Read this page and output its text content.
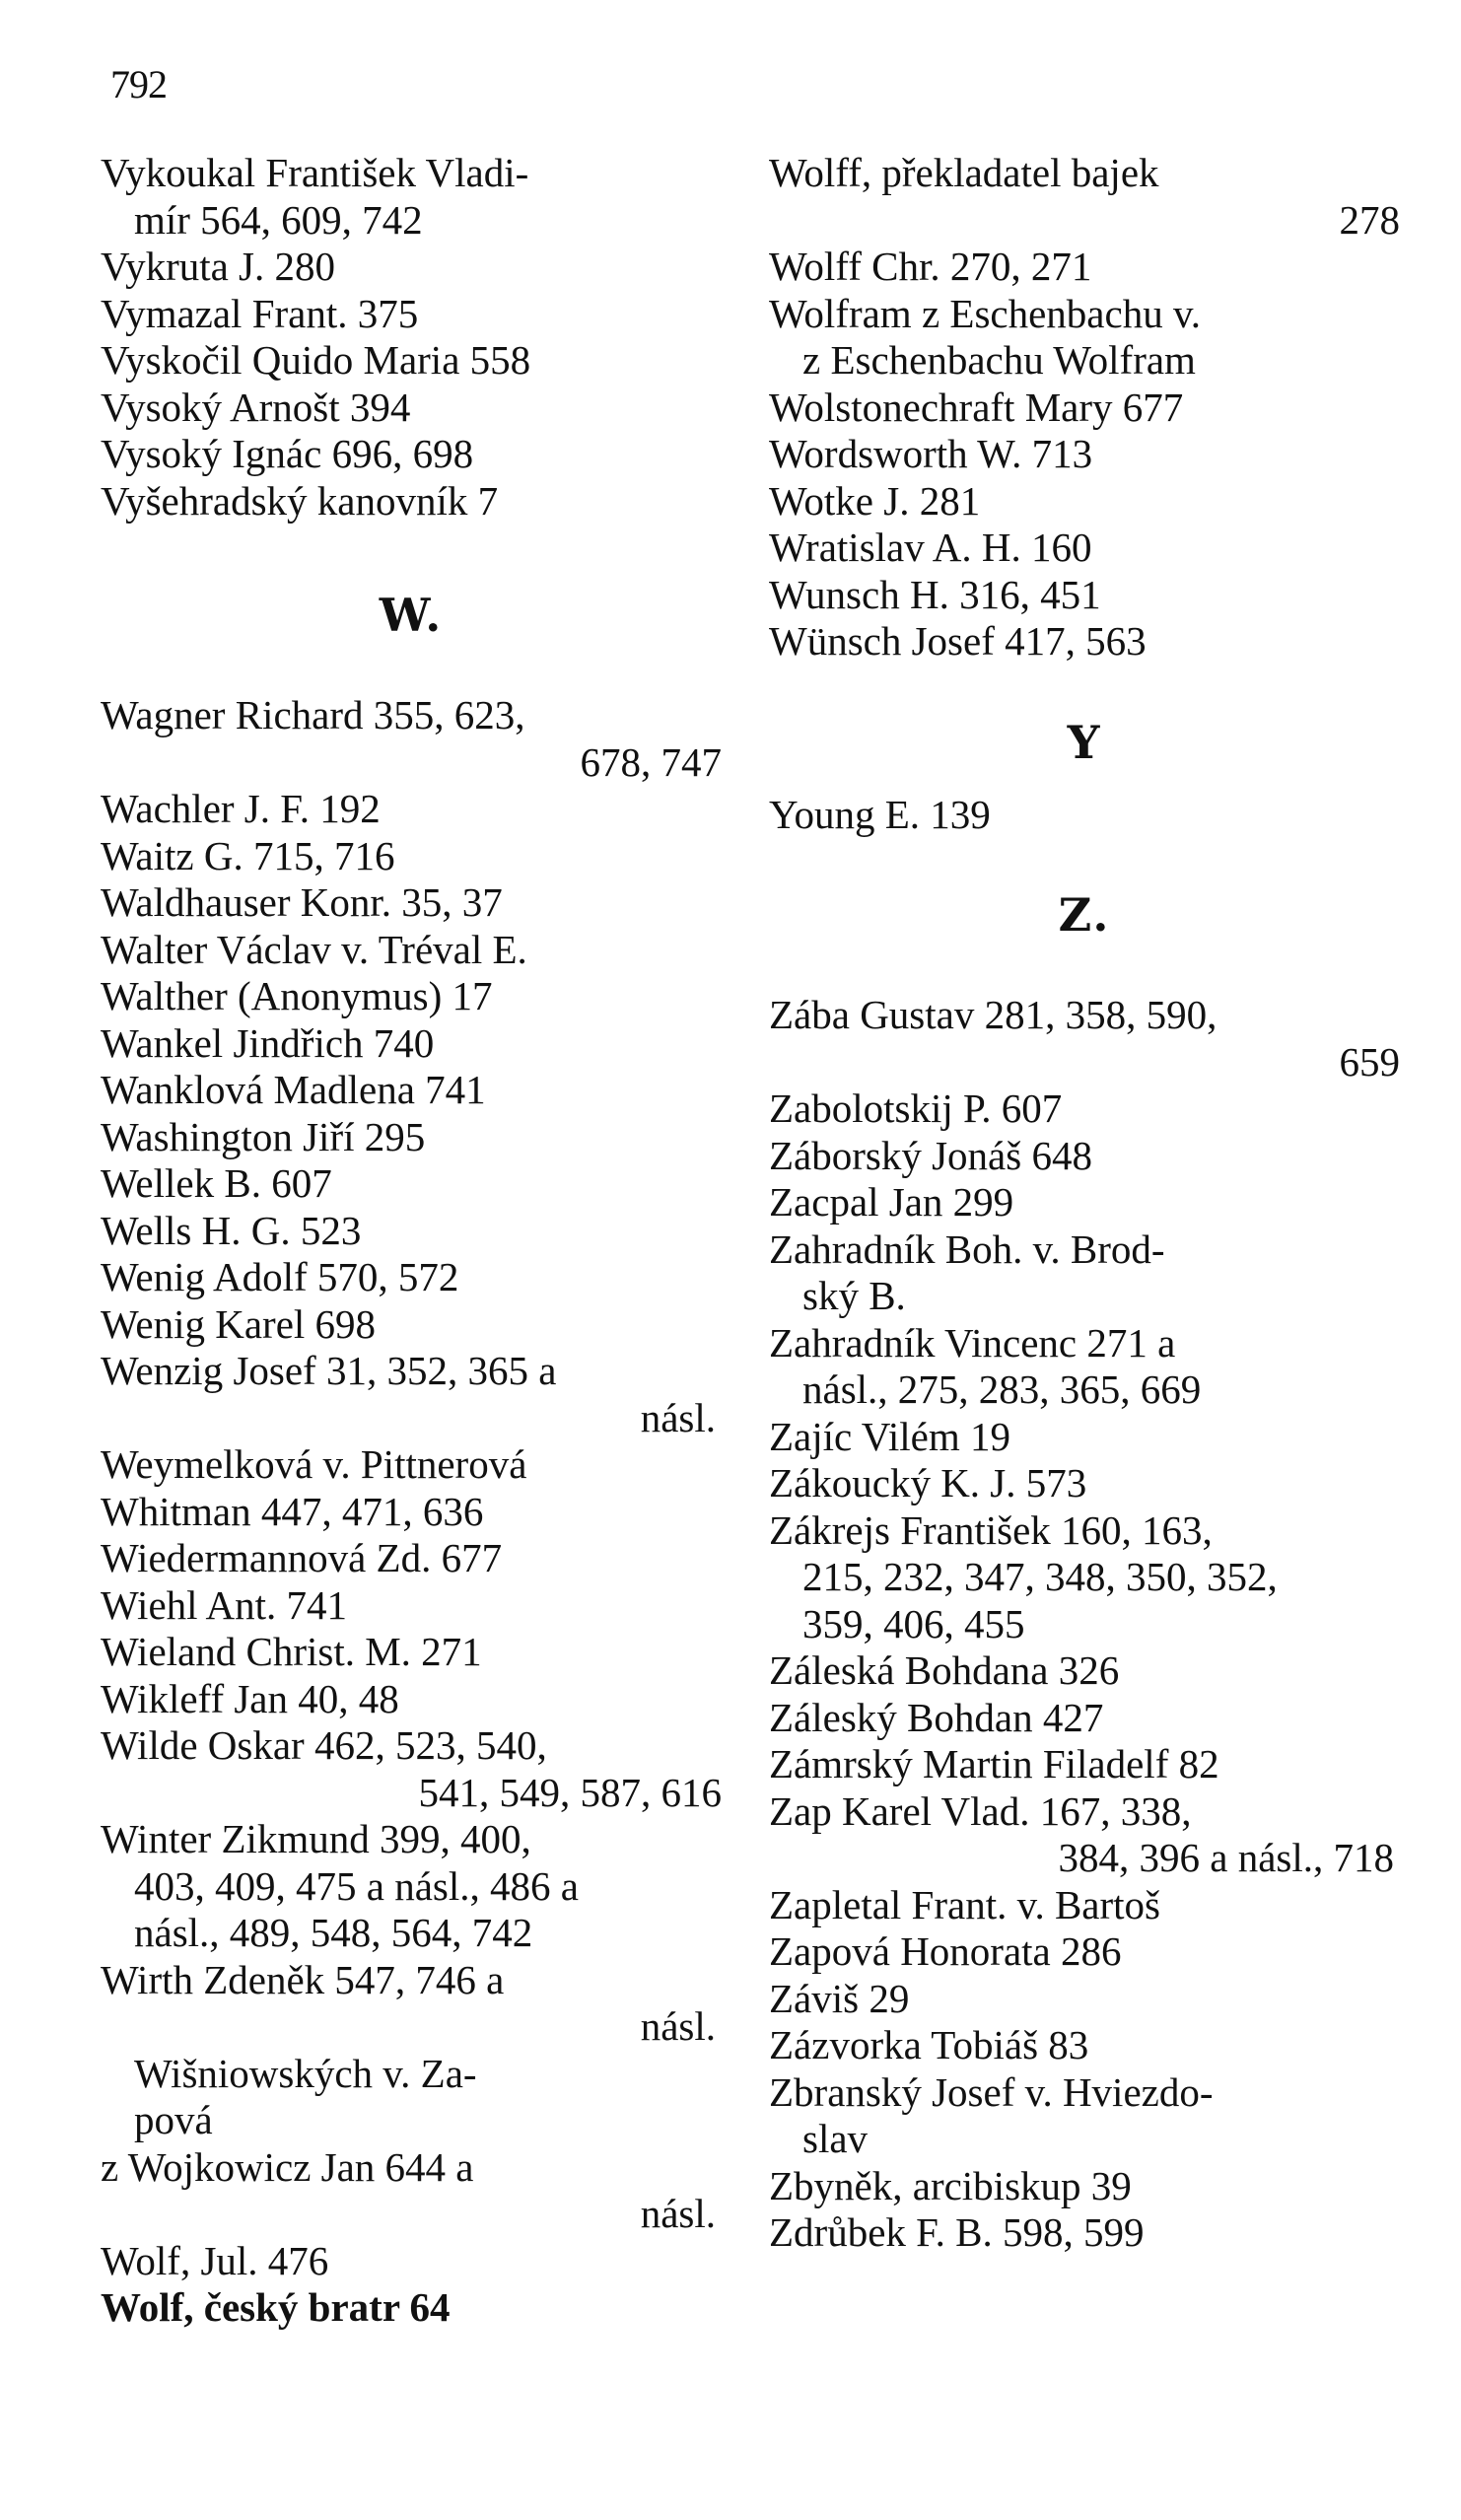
792
Vykoukal František Vladi-
mír 564, 609, 742
Vykruta J. 280
Vymazal Frant. 375
Vyskočil Quido Maria 558
Vysoký Arnošt 394
Vysoký Ignác 696, 698
Vyšehradský kanovník 7
W.
Wagner Richard 355, 623,
678, 747
Wachler J. F. 192
Waitz G. 715, 716
Waldhauser Konr. 35, 37
Walter Václav v. Tréval E.
Walther (Anonymus) 17
Wankel Jindřich 740
Wanklová Madlena 741
Washington Jiří 295
Wellek B. 607
Wells H. G. 523
Wenig Adolf 570, 572
Wenig Karel 698
Wenzig Josef 31, 352, 365 a
násl.
Weymelková v. Pittnerová
Whitman 447, 471, 636
Wiedermannová Zd. 677
Wiehl Ant. 741
Wieland Christ. M. 271
Wikleff Jan 40, 48
Wilde Oskar 462, 523, 540,
541, 549, 587, 616
Winter Zikmund 399, 400,
403, 409, 475 a násl., 486 a
násl., 489, 548, 564, 742
Wirth Zdeněk 547, 746 a
násl.
Wišniowských v. Za-
pová
z Wojkowicz Jan 644 a
násl.
Wolf, Jul. 476
Wolf, český bratr 64
Wolff, překladatel bajek
278
Wolff Chr. 270, 271
Wolfram z Eschenbachu v.
z Eschenbachu Wolfram
Wolstonechraft Mary 677
Wordsworth W. 713
Wotke J. 281
Wratislav A. H. 160
Wunsch H. 316, 451
Wünsch Josef 417, 563
Y
Young E. 139
Z.
Zába Gustav 281, 358, 590,
659
Zabolotskij P. 607
Záborský Jonáš 648
Zacpal Jan 299
Zahradník Boh. v. Brod-
ský B.
Zahradník Vincenc 271 a
násl., 275, 283, 365, 669
Zajíc Vilém 19
Zákoucký K. J. 573
Zákrejs František 160, 163,
215, 232, 347, 348, 350, 352,
359, 406, 455
Záleská Bohdana 326
Záleský Bohdan 427
Zámrský Martin Filadelf 82
Zap Karel Vlad. 167, 338,
384, 396 a násl., 718
Zapletal Frant. v. Bartoš
Zapová Honorata 286
Záviš 29
Zázvorka Tobiáš 83
Zbranský Josef v. Hviezdo-
slav
Zbyněk, arcibiskup 39
Zdrůbek F. B. 598, 599
